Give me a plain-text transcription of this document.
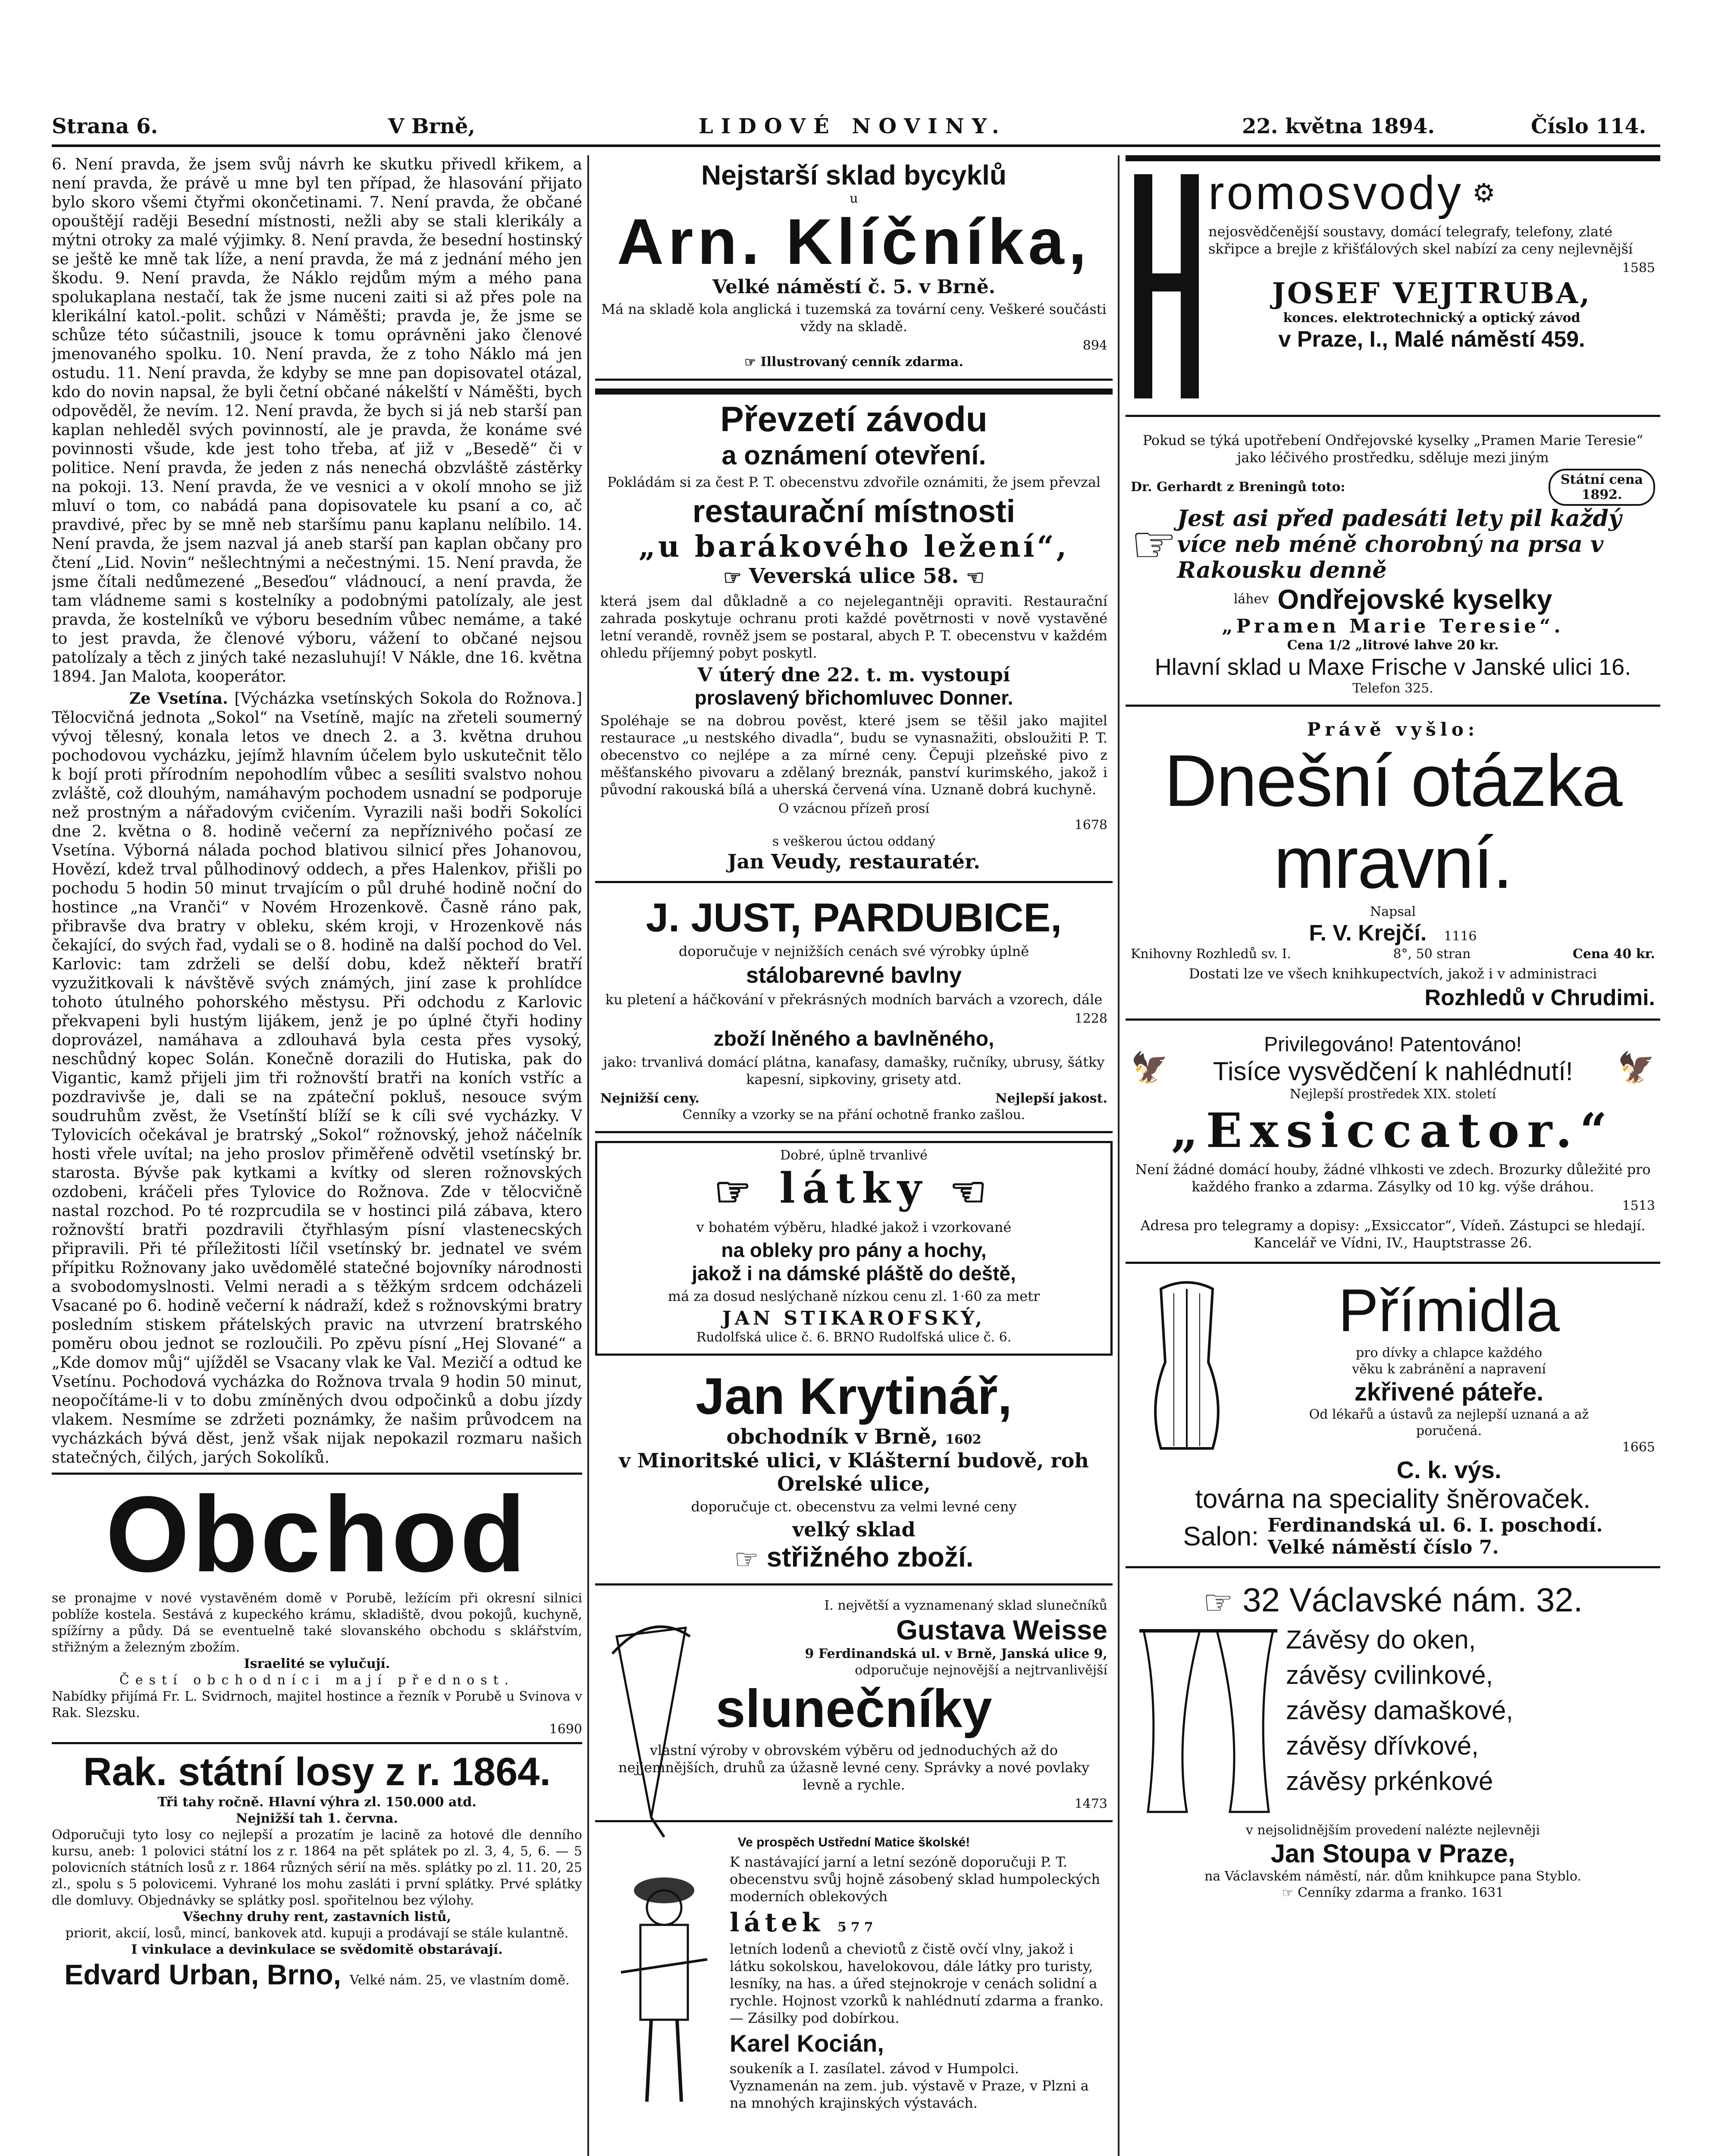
Strana 6.	V Brně,	LIDOVÉ NOVINY.	22. května 1894.	Číslo 114.
6. Není pravda, že jsem svůj návrh ke skutku přivedl křikem, a není pravda, že právě u mne byl ten případ, že hlasování přijato bylo skoro všemi čtyřmi okončetinami. 7. Není pravda, že občané opouštějí raději Besední místnosti, nežli aby se stali klerikály a mýtni otroky za malé výjimky. 8. Není pravda, že besední hostinský se ještě ke mně tak líže, a není pravda, že má z jednání mého jen škodu. 9. Není pravda, že Náklo rejdům mým a mého pana spolukaplana nestačí, tak že jsme nuceni zaiti si až přes pole na klerikální katol.-polit. schůzi v Náměšti; pravda je, že jsme se schůze této súčastnili, jsouce k tomu oprávněni jako členové jmenovaného spolku. 10. Není pravda, že z toho Náklo má jen ostudu. 11. Není pravda, že kdyby se mne pan dopisovatel otázal, kdo do novin napsal, že byli četní občané nákelští v Náměšti, bych odpověděl, že nevím. 12. Není pravda, že bych si já neb starší pan kaplan nehleděl svých povinností, ale je pravda, že konáme své povinnosti všude, kde jest toho třeba, ať již v „Besedě“ či v politice. Není pravda, že jeden z nás nenechá obzvláště zástěrky na pokoji. 13. Není pravda, že ve vesnici a v okolí mnoho se již mluví o tom, co nabádá pana dopisovatele ku psaní a co, ač pravdivé, přec by se mně neb staršímu panu kaplanu nelíbilo. 14. Není pravda, že jsem nazval já aneb starší pan kaplan občany pro čtení „Lid. Novin“ nešlechtnými a nečestnými. 15. Není pravda, že jsme čítali nedůmezené „Beseďou“ vládnoucí, a není pravda, že tam vládneme sami s kostelníky a podobnými patolízaly, ale jest pravda, že kostelníků ve výboru besedním vůbec nemáme, a také to jest pravda, že členové výboru, vážení to občané nejsou patolízaly a těch z jiných také nezasluhují! V Nákle, dne 16. května 1894. Jan Malota, kooperátor.
Ze Vsetína. [Výcházka vsetínských Sokola do Rožnova.] Tělocvičná jednota „Sokol“ na Vsetíně, majíc na zřeteli soumerný vývoj tělesný, konala letos ve dnech 2. a 3. května druhou pochodovou vycházku, jejímž hlavním účelem bylo uskutečnit tělo k bojí proti přírodním nepohodlím vůbec a sesíliti svalstvo nohou zvláště, což dlouhým, namáhavým pochodem usnadní se podporuje než prostným a nářadovým cvičením. Vyrazili naši bodři Sokolíci dne 2. května o 8. hodině večerní za nepříznivého počasí ze Vsetína. Výborná nálada pochod blativou silnicí přes Johanovou, Hovězí, kdež trval půlhodinový oddech, a přes Halenkov, přišli po pochodu 5 hodin 50 minut trvajícím o půl druhé hodině noční do hostince „na Vranči“ v Novém Hrozenkově. Časně ráno pak, přibravše dva bratry v obleku, ském kroji, v Hrozenkově nás čekající, do svých řad, vydali se o 8. hodině na další pochod do Vel. Karlovic: tam zdrželi se delší dobu, kdež někteří bratří vyzužitkovali k návštěvě svých známých, jiní zase k prohlídce tohoto útulného pohorského městysu. Při odchodu z Karlovic překvapeni byli hustým lijákem, jenž je po úplné čtyři hodiny doprovázel, namáhava a zdlouhavá byla cesta přes vysoký, neschůdný kopec Solán. Konečně dorazili do Hutiska, pak do Vigantic, kamž přijeli jim tři rožnovští bratři na koních vstříc a pozdravivše je, dali se na zpáteční pokluš, nesouce svým soudruhům zvěst, že Vsetínští blíží se k cíli své vycházky. V Tylovicích očekával je bratrský „Sokol“ rožnovský, jehož náčelník hosti vřele uvítal; na jeho proslov přiměřeně odvětil vsetínský br. starosta. Bývše pak kytkami a kvítky od sleren rožnovských ozdobeni, kráčeli přes Tylovice do Rožnova. Zde v tělocvičně nastal rozchod. Po té rozprcudila se v hostinci pilá zábava, ktero rožnovští bratři pozdravili čtyřhlasým písní vlastenecských připravili. Při té příležitosti líčil vsetínský br. jednatel ve svém přípitku Rožnovany jako uvědomělé statečné bojovníky národnosti a svobodomyslnosti. Velmi neradi a s těžkým srdcem odcházeli Vsacané po 6. hodině večerní k nádraží, kdež s rožnovskými bratry posledním stiskem přátelských pravic na utvrzení bratrského poměru obou jednot se rozloučili. Po zpěvu písní „Hej Slované“ a „Kde domov můj“ ujížděl se Vsacany vlak ke Val. Mezičí a odtud ke Vsetínu. Pochodová vycházka do Rožnova trvala 9 hodin 50 minut, neopočítáme-li v to dobu zmíněných dvou odpočinků a dobu jízdy vlakem. Nesmíme se zdržeti poznámky, že našim průvodcem na vycházkách bývá děst, jenž však nijak nepokazil rozmaru našich statečných, čilých, jarých Sokolíků.
Obchod
se pronajme v nové vystavěném domě v Porubě, ležícím při okresní silnici poblíže kostela. Sestává z kupeckého krámu, skladiště, dvou pokojů, kuchyně, spížírny a půdy. Dá se eventuelně také slovanského obchodu s sklářstvím, střižným a železným zbožím.
Israelité se vylučují.
Čestí obchodníci mají přednost.
Nabídky přijímá Fr. L. Svidrnoch, majitel hostince a řezník v Porubě u Svinova v Rak. Slezsku.
1690
Rak. státní losy z r. 1864.
Tři tahy ročně. Hlavní výhra zl. 150.000 atd.
Nejnižší tah 1. června.
Odporučuji tyto losy co nejlepší a prozatím je lacině za hotové dle denního kursu, aneb: 1 polovici státní los z r. 1864 na pět splátek po zl. 3, 4, 5, 6. — 5 polovicních státních losů z r. 1864 různých sérií na měs. splátky po zl. 11. 20, 25 zl., spolu s 5 polovicemi. Vyhrané los mohu zasláti i první splátky. Prvé splátky dle domluvy. Objednávky se splátky posl. spořitelnou bez výlohy.
Všechny druhy rent, zastavních listů,
priorit, akcií, losů, mincí, bankovek atd. kupuji a prodávají se stále kulantně.
I vinkulace a devinkulace se svědomitě obstarávají.
Edvard Urban, Brno, Velké nám. 25, ve vlastním domě.
Nejstarší sklad bycyklů
u
Arn. Klíčníka,
Velké náměstí č. 5. v Brně.

Má na skladě kola anglická i tuzemská za tovární ceny. Veškeré součásti vždy na skladě.

894
☞ Illustrovaný cenník zdarma.
Převzetí závodu
a oznámení otevření.

Pokládám si za čest P. T. obecenstvu zdvořile oznámiti, že jsem převzal

restaurační místnosti
„u barákového ležení“,
☞ Veverská ulice 58. ☜

která jsem dal důkladně a co nejelegantněji opraviti. Restaurační zahrada poskytuje ochranu proti každé povětrnosti v nově vystavěné letní verandě, rovněž jsem se postaral, abych P. T. obecenstvu v každém ohledu příjemný pobyt poskytl.

V úterý dne 22. t. m. vystoupí
proslavený břichomluvec Donner.

Spoléhaje se na dobrou pověst, které jsem se těšil jako majitel restaurace „u nestského divadla“, budu se vynasnažiti, obsloužiti P. T. obecenstvo co nejlépe a za mírné ceny. Čepuji plzeňské pivo z měšťanského pivovaru a zdělaný breznák, panství kurimského, jakož i původní rakouská bílá a uherská červená vína. Uznaně dobrá kuchyně.

O vzácnou přízeň prosí
1678
s veškerou úctou oddaný
Jan Veudy, restauratér.
J. JUST, PARDUBICE,

doporučuje v nejnižších cenách své výrobky úplně

stálobarevné bavlny

ku pletení a háčkování v překrásných modních barvách a vzorech, dále

1228
zboží lněného a bavlněného,

jako: trvanlivá domácí plátna, kanafasy, damašky, ručníky, ubrusy, šátky kapesní, sipkoviny, grisety atd.

Nejnižší ceny.	Nejlepší jakost.
Cenníky a vzorky se na přání ochotně franko zašlou.
Dobré, úplně trvanlivé
☞ látky ☜

v bohatém výběru, hladké jakož i vzorkované

na obleky pro pány a hochy,
jakož i na dámské pláště do deště,

má za dosud neslýchaně nízkou cenu zl. 1·60 za metr

JAN STIKAROFSKÝ,
Rudolfská ulice č. 6. BRNO Rudolfská ulice č. 6.
Jan Krytinář,
obchodník v Brně, 1602
v Minoritské ulici, v Klášterní budově, roh Orelské ulice,

doporučuje ct. obecenstvu za velmi levné ceny

velký sklad
☞ střižného zboží.
I. největší a vyznamenaný sklad slunečníků
Gustava Weisse
9 Ferdinandská ul. v Brně, Janská ulice 9,
odporučuje nejnovější a nejtrvanlivější
slunečníky

vlastní výroby v obrovském výběru od jednoduchých až do nejjemnějších, druhů za úžasně levné ceny. Správky a nové povlaky levně a rychle.

1473
Ve prospěch Ustřední Matice školské!

K nastávající jarní a letní sezóně doporučuji P. T. obecenstvu svůj hojně zásobený sklad humpoleckých moderních oblekových

látek 577

letních lodenů a cheviotů z čistě ovčí vlny, jakož i látku sokolskou, havelokovou, dále látky pro turisty, lesníky, na has. a úřed stejnokroje v cenách solidní a rychle. Hojnost vzorků k nahlédnutí zdarma a franko. — Zásilky pod dobírkou.

Karel Kocián,

soukeník a I. zasílatel. závod v Humpolci. Vyznamenán na zem. jub. výstavě v Praze, v Plzni a na mnohých krajinských výstavách.

romosvody ⚙

nejosvědčenější soustavy, domácí telegrafy, telefony, zlaté skřipce a brejle z křišťálových skel nabízí za ceny nejlevnější

1585
JOSEF VEJTRUBA,
konces. elektrotechnický a optický závod
v Praze, I., Malé náměstí 459.

Pokud se týká upotřebení Ondřejovské kyselky „Pramen Marie Teresie“ jako léčivého prostředku, sděluje mezi jiným

Dr. Gerhardt z Breningů toto:	Státní cena
1892.
☞ Jest asi před padesáti lety pil každý více neb méně chorobný na prsa v Rakousku denně
láhev Ondřejovské kyselky
„Pramen Marie Teresie“.
Cena 1/2 „litrové lahve 20 kr.
Hlavní sklad u Maxe Frische v Janské ulici 16.
Telefon 325.
Právě vyšlo:
Dnešní otázka mravní.
Napsal
F. V. Krejčí. 1116
Knihovny Rozhledů sv. I.	8°, 50 stran	Cena 40 kr.

Dostati lze ve všech knihkupectvích, jakož i v administraci

Rozhledů v Chrudimi.
🦅
Privilegováno! Patentováno!
Tisíce vysvědčení k nahlédnutí!
Nejlepší prostředek XIX. století
🦅
„Exsiccator.“

Není žádné domácí houby, žádné vlhkosti ve zdech. Brozurky důležité pro každého franko a zdarma. Zásylky od 10 kg. výše dráhou.

1513

Adresa pro telegramy a dopisy: „Exsiccator“, Vídeň. Zástupci se hledají. Kancelář ve Vídni, IV., Hauptstrasse 26.

Přímidla
pro dívky a chlapce každého
věku k zabránění a napravení
zkřivené páteře.
Od lékařů a ústavů za nejlepší uznaná a až
poručená.
1665
C. k. výs.
továrna na speciality šněrovaček.
Salon: Ferdinandská ul. 6. I. poschodí.
Velké náměstí číslo 7.
☞ 32 Václavské nám. 32.
Závěsy do oken,
závěsy cvilinkové,
závěsy damaškové,
závěsy dřívkové,
závěsy prkénkové
v nejsolidnějším provedení nalézte nejlevněji
Jan Stoupa v Praze,
na Václavském náměstí, nár. dům knihkupce pana Styblo.
☞ Cenníky zdarma a franko. 1631
